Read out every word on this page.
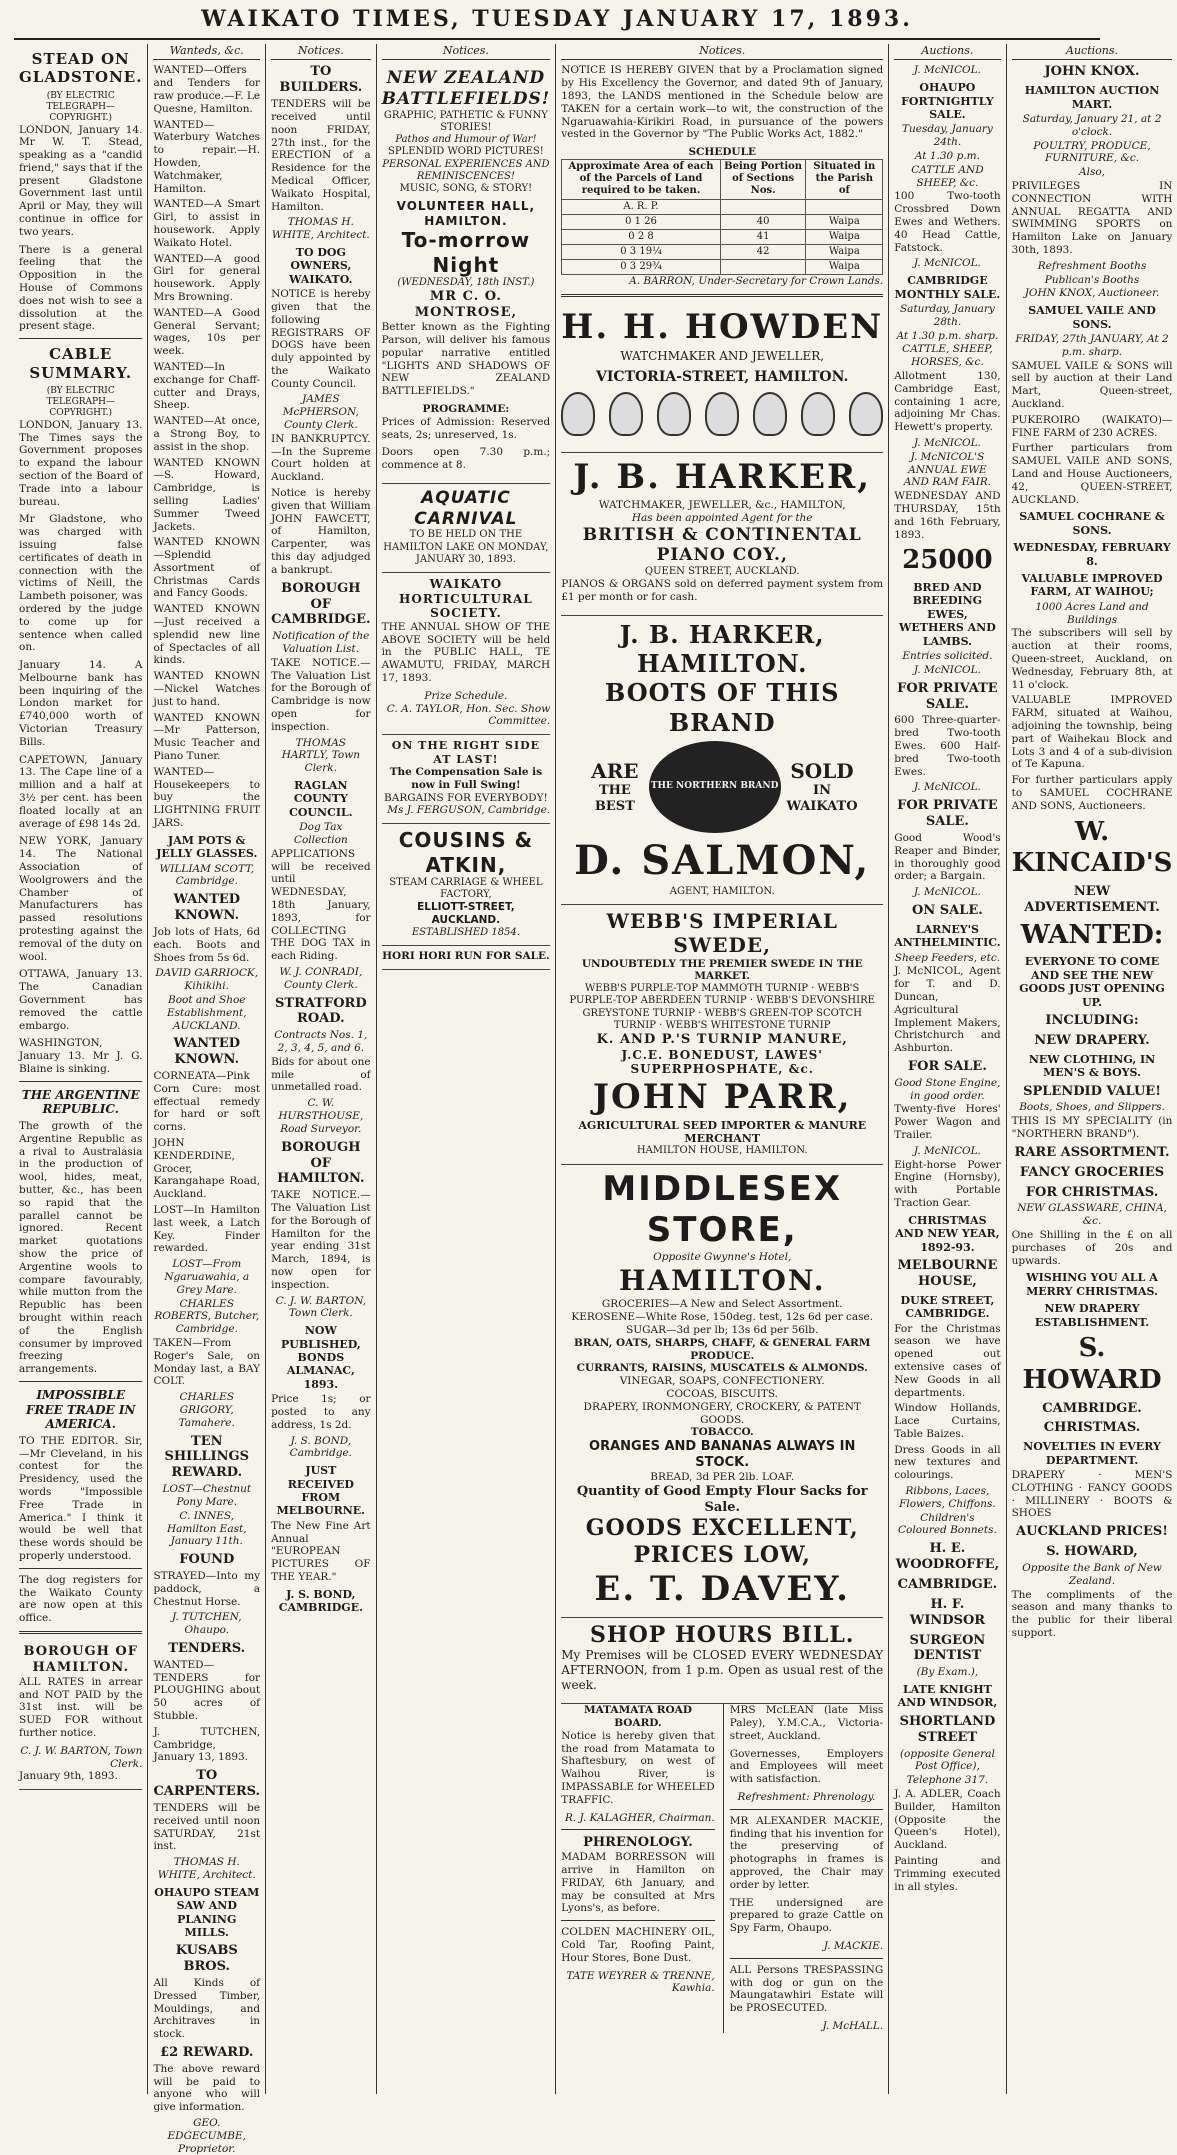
WAIKATO TIMES, TUESDAY JANUARY 17, 1893.
STEAD ON GLADSTONE.
(BY ELECTRIC TELEGRAPH—COPYRIGHT.)

LONDON, January 14. Mr W. T. Stead, speaking as a "candid friend," says that if the present Gladstone Government last until April or May, they will continue in office for two years.

There is a general feeling that the Opposition in the House of Commons does not wish to see a dissolution at the present stage.

CABLE SUMMARY.
(BY ELECTRIC TELEGRAPH—COPYRIGHT.)

LONDON, January 13. The Times says the Government proposes to expand the labour section of the Board of Trade into a labour bureau.

Mr Gladstone, who was charged with issuing false certificates of death in connection with the victims of Neill, the Lambeth poisoner, was ordered by the judge to come up for sentence when called on.

January 14. A Melbourne bank has been inquiring of the London market for £740,000 worth of Victorian Treasury Bills.

CAPETOWN, January 13. The Cape line of a million and a half at 3½ per cent. has been floated locally at an average of £98 14s 2d.

NEW YORK, January 14. The National Association of Woolgrowers and the Chamber of Manufacturers has passed resolutions protesting against the removal of the duty on wool.

OTTAWA, January 13. The Canadian Government has removed the cattle embargo.

WASHINGTON, January 13. Mr J. G. Blaine is sinking.

THE ARGENTINE REPUBLIC.

The growth of the Argentine Republic as a rival to Australasia in the production of wool, hides, meat, butter, &c., has been so rapid that the parallel cannot be ignored. Recent market quotations show the price of Argentine wools to compare favourably, while mutton from the Republic has been brought within reach of the English consumer by improved freezing arrangements.

IMPOSSIBLE FREE TRADE IN AMERICA.

TO THE EDITOR. Sir,—Mr Cleveland, in his contest for the Presidency, used the words "Impossible Free Trade in America." I think it would be well that these words should be properly understood.

The dog registers for the Waikato County are now open at this office.

BOROUGH OF HAMILTON.

ALL RATES in arrear and NOT PAID by the 31st inst. will be SUED FOR without further notice.

C. J. W. BARTON, Town Clerk.
January 9th, 1893.
Wanteds, &c.
WANTED—Offers and Tenders for raw produce.—F. Le Quesne, Hamilton.
WANTED—Waterbury Watches to repair.—H. Howden, Watchmaker, Hamilton.
WANTED—A Smart Girl, to assist in housework. Apply Waikato Hotel.
WANTED—A good Girl for general housework. Apply Mrs Browning.
WANTED—A Good General Servant; wages, 10s per week.
WANTED—In exchange for Chaff-cutter and Drays, Sheep.
WANTED—At once, a Strong Boy, to assist in the shop.
WANTED KNOWN—S. Howard, Cambridge, is selling Ladies' Summer Tweed Jackets.
WANTED KNOWN—Splendid Assortment of Christmas Cards and Fancy Goods.
WANTED KNOWN—Just received a splendid new line of Spectacles of all kinds.
WANTED KNOWN—Nickel Watches just to hand.
WANTED KNOWN—Mr Patterson, Music Teacher and Piano Tuner.
WANTED—Housekeepers to buy the LIGHTNING FRUIT JARS.
JAM POTS & JELLY GLASSES.
WILLIAM SCOTT, Cambridge.
WANTED KNOWN.
Job lots of Hats, 6d each. Boots and Shoes from 5s 6d.
DAVID GARRIOCK, Kihikihi.
Boot and Shoe Establishment, AUCKLAND.
WANTED KNOWN.
CORNEATA—Pink Corn Cure: most effectual remedy for hard or soft corns.
JOHN KENDERDINE, Grocer, Karangahape Road, Auckland.
LOST—In Hamilton last week, a Latch Key. Finder rewarded.
LOST—From Ngaruawahia, a Grey Mare.
CHARLES ROBERTS, Butcher, Cambridge.
TAKEN—From Roger's Sale, on Monday last, a BAY COLT.
CHARLES GRIGORY, Tamahere.
TEN SHILLINGS REWARD.
LOST—Chestnut Pony Mare.
C. INNES, Hamilton East, January 11th.
FOUND
STRAYED—Into my paddock, a Chestnut Horse.
J. TUTCHEN, Ohaupo.
TENDERS.
WANTED—TENDERS for PLOUGHING about 50 acres of Stubble.
J. TUTCHEN, Cambridge, January 13, 1893.
TO CARPENTERS.
TENDERS will be received until noon SATURDAY, 21st inst.
THOMAS H. WHITE, Architect.
OHAUPO STEAM SAW AND PLANING MILLS.
KUSABS BROS.
All Kinds of Dressed Timber, Mouldings, and Architraves in stock.
£2 REWARD.
The above reward will be paid to anyone who will give information.
GEO. EDGECUMBE, Proprietor.
Notices.
TO BUILDERS.
TENDERS will be received until noon FRIDAY, 27th inst., for the ERECTION of a Residence for the Medical Officer, Waikato Hospital, Hamilton.
THOMAS H. WHITE, Architect.
TO DOG OWNERS, WAIKATO.
NOTICE is hereby given that the following REGISTRARS OF DOGS have been duly appointed by the Waikato County Council.
JAMES McPHERSON, County Clerk.
IN BANKRUPTCY.—In the Supreme Court holden at Auckland.
Notice is hereby given that William JOHN FAWCETT, of Hamilton, Carpenter, was this day adjudged a bankrupt.
BOROUGH OF CAMBRIDGE.
Notification of the Valuation List.
TAKE NOTICE.—The Valuation List for the Borough of Cambridge is now open for inspection.
THOMAS HARTLY, Town Clerk.
RAGLAN COUNTY COUNCIL.
Dog Tax Collection
APPLICATIONS will be received until WEDNESDAY, 18th January, 1893, for COLLECTING THE DOG TAX in each Riding.
W. J. CONRADI, County Clerk.
STRATFORD ROAD.
Contracts Nos. 1, 2, 3, 4, 5, and 6.
Bids for about one mile of unmetalled road.
C. W. HURSTHOUSE, Road Surveyor.
BOROUGH OF HAMILTON.
TAKE NOTICE.—The Valuation List for the Borough of Hamilton for the year ending 31st March, 1894, is now open for inspection.
C. J. W. BARTON, Town Clerk.
NOW PUBLISHED, BONDS ALMANAC, 1893.
Price 1s; or posted to any address, 1s 2d.
J. S. BOND, Cambridge.
JUST RECEIVED FROM MELBOURNE.
The New Fine Art Annual "EUROPEAN PICTURES OF THE YEAR."
J. S. BOND, CAMBRIDGE.
Notices.
NEW ZEALAND BATTLEFIELDS!
GRAPHIC, PATHETIC & FUNNY STORIES!
Pathos and Humour of War!
SPLENDID WORD PICTURES!
PERSONAL EXPERIENCES AND REMINISCENCES!
MUSIC, SONG, & STORY!
VOLUNTEER HALL, HAMILTON.
To-morrow Night
(WEDNESDAY, 18th INST.)
MR C. O. MONTROSE,

Better known as the Fighting Parson, will deliver his famous popular narrative entitled "LIGHTS AND SHADOWS OF NEW ZEALAND BATTLEFIELDS."

PROGRAMME:

Prices of Admission: Reserved seats, 2s; unreserved, 1s.

Doors open 7.30 p.m.; commence at 8.

AQUATIC CARNIVAL
TO BE HELD ON THE HAMILTON LAKE ON MONDAY, JANUARY 30, 1893.
WAIKATO HORTICULTURAL SOCIETY.

THE ANNUAL SHOW OF THE ABOVE SOCIETY will be held in the PUBLIC HALL, TE AWAMUTU, FRIDAY, MARCH 17, 1893.

Prize Schedule.
C. A. TAYLOR, Hon. Sec. Show Committee.
ON THE RIGHT SIDE AT LAST!
The Compensation Sale is now in Full Swing!
BARGAINS FOR EVERYBODY!
Ms J. FERGUSON, Cambridge.
COUSINS & ATKIN,
STEAM CARRIAGE & WHEEL FACTORY,
ELLIOTT-STREET, AUCKLAND.
ESTABLISHED 1854.
HORI HORI RUN FOR SALE.
Notices.

NOTICE IS HEREBY GIVEN that by a Proclamation signed by His Excellency the Governor, and dated 9th of January, 1893, the LANDS mentioned in the Schedule below are TAKEN for a certain work—to wit, the construction of the Ngaruawahia-Kirikiri Road, in pursuance of the powers vested in the Governor by "The Public Works Act, 1882."

SCHEDULE
Approximate Area of each of the Parcels of Land required to be taken.	Being Portion of Sections Nos.	Situated in the Parish of
A. R. P.		
0 1 26	40	Waipa
0 2 8	41	Waipa
0 3 19¼	42	Waipa
0 3 29¾		Waipa
A. BARRON, Under-Secretary for Crown Lands.
H. H. HOWDEN
WATCHMAKER AND JEWELLER,
VICTORIA-STREET, HAMILTON.
J. B. HARKER,
WATCHMAKER, JEWELLER, &c., HAMILTON,
Has been appointed Agent for the
BRITISH & CONTINENTAL PIANO COY.,
QUEEN STREET, AUCKLAND.

PIANOS & ORGANS sold on deferred payment system from £1 per month or for cash.

J. B. HARKER, HAMILTON.
BOOTS OF THIS BRAND
ARE
THE BEST
THE NORTHERN BRAND
SOLD
IN WAIKATO
D. SALMON,
AGENT, HAMILTON.
WEBB'S IMPERIAL SWEDE,
UNDOUBTEDLY THE PREMIER SWEDE IN THE MARKET.
WEBB'S PURPLE-TOP MAMMOTH TURNIP · WEBB'S PURPLE-TOP ABERDEEN TURNIP · WEBB'S DEVONSHIRE GREYSTONE TURNIP · WEBB'S GREEN-TOP SCOTCH TURNIP · WEBB'S WHITESTONE TURNIP
K. AND P.'S TURNIP MANURE,
J.C.E. BONEDUST, LAWES' SUPERPHOSPHATE, &c.
JOHN PARR,
AGRICULTURAL SEED IMPORTER & MANURE MERCHANT
HAMILTON HOUSE, HAMILTON.
MIDDLESEX STORE,
Opposite Gwynne's Hotel,
HAMILTON.
GROCERIES—A New and Select Assortment.
KEROSENE—White Rose, 150deg. test, 12s 6d per case.
SUGAR—3d per lb; 13s 6d per 56lb.
BRAN, OATS, SHARPS, CHAFF, & GENERAL FARM PRODUCE.
CURRANTS, RAISINS, MUSCATELS & ALMONDS.
VINEGAR, SOAPS, CONFECTIONERY.
COCOAS, BISCUITS.
DRAPERY, IRONMONGERY, CROCKERY, & PATENT GOODS.
TOBACCO.
ORANGES AND BANANAS ALWAYS IN STOCK.
BREAD, 3d PER 2lb. LOAF.
Quantity of Good Empty Flour Sacks for Sale.
GOODS EXCELLENT, PRICES LOW,
E. T. DAVEY.
SHOP HOURS BILL.

My Premises will be CLOSED EVERY WEDNESDAY AFTERNOON, from 1 p.m. Open as usual rest of the week.

MATAMATA ROAD BOARD.

Notice is hereby given that the road from Matamata to Shaftesbury, on west of Waihou River, is IMPASSABLE for WHEELED TRAFFIC.

R. J. KALAGHER, Chairman.
PHRENOLOGY.

MADAM BORRESSON will arrive in Hamilton on FRIDAY, 6th January, and may be consulted at Mrs Lyons's, as before.

COLDEN MACHINERY OIL, Cold Tar, Roofing Paint, Hour Stores, Bone Dust.

TATE WEYRER & TRENNE, Kawhia.

MRS McLEAN (late Miss Paley), Y.M.C.A., Victoria-street, Auckland.

Governesses, Employers and Employees will meet with satisfaction.

Refreshment: Phrenology.

MR ALEXANDER MACKIE, finding that his invention for the preserving of photographs in frames is approved, the Chair may order by letter.

THE undersigned are prepared to graze Cattle on Spy Farm, Ohaupo.

J. MACKIE.

ALL Persons TRESPASSING with dog or gun on the Maungatawhiri Estate will be PROSECUTED.

J. McHALL.
Auctions.
J. McNICOL.
OHAUPO FORTNIGHTLY SALE.
Tuesday, January 24th.
At 1.30 p.m.
CATTLE AND SHEEP, &c.
100 Two-tooth Crossbred Down Ewes and Wethers. 40 Head Cattle, Fatstock.
J. McNICOL.
CAMBRIDGE MONTHLY SALE.
Saturday, January 28th.
At 1.30 p.m. sharp.
CATTLE, SHEEP, HORSES, &c.
Allotment 130, Cambridge East, containing 1 acre, adjoining Mr Chas. Hewett's property.
J. McNICOL.
J. McNICOL'S ANNUAL EWE AND RAM FAIR.
WEDNESDAY AND THURSDAY, 15th and 16th February, 1893.
25000
BRED AND BREEDING EWES, WETHERS AND LAMBS.
Entries solicited.
J. McNICOL.
FOR PRIVATE SALE.
600 Three-quarter-bred Two-tooth Ewes. 600 Half-bred Two-tooth Ewes.
J. McNICOL.
FOR PRIVATE SALE.
Good Wood's Reaper and Binder, in thoroughly good order; a Bargain.
J. McNICOL.
ON SALE.
LARNEY'S ANTHELMINTIC.
Sheep Feeders, etc.
J. McNICOL, Agent for T. and D. Duncan, Agricultural Implement Makers, Christchurch and Ashburton.
FOR SALE.
Good Stone Engine, in good order.
Twenty-five Hores' Power Wagon and Trailer.
J. McNICOL.
Eight-horse Power Engine (Hornsby), with Portable Traction Gear.
CHRISTMAS AND NEW YEAR, 1892-93.
MELBOURNE HOUSE,
DUKE STREET, CAMBRIDGE.
For the Christmas season we have opened out extensive cases of New Goods in all departments.
Window Hollands, Lace Curtains, Table Baizes.
Dress Goods in all new textures and colourings.
Ribbons, Laces, Flowers, Chiffons.
Children's Coloured Bonnets.
H. E. WOODROFFE,
CAMBRIDGE.
H. F. WINDSOR
SURGEON DENTIST
(By Exam.),
LATE KNIGHT AND WINDSOR,
SHORTLAND STREET
(opposite General Post Office),
Telephone 317.
J. A. ADLER, Coach Builder, Hamilton (Opposite the Queen's Hotel), Auckland.
Painting and Trimming executed in all styles.
Auctions.
JOHN KNOX.
HAMILTON AUCTION MART.
Saturday, January 21, at 2 o'clock.
POULTRY, PRODUCE, FURNITURE, &c.
Also,
PRIVILEGES IN CONNECTION WITH ANNUAL REGATTA AND SWIMMING SPORTS on Hamilton Lake on January 30th, 1893.
Refreshment Booths
Publican's Booths
JOHN KNOX, Auctioneer.
SAMUEL VAILE AND SONS.
FRIDAY, 27th JANUARY, At 2 p.m. sharp.
SAMUEL VAILE & SONS will sell by auction at their Land Mart, Queen-street, Auckland.
PUKEROIRO (WAIKATO)—FINE FARM of 230 ACRES.
Further particulars from SAMUEL VAILE AND SONS, Land and House Auctioneers, 42, QUEEN-STREET, AUCKLAND.
SAMUEL COCHRANE & SONS.
WEDNESDAY, FEBRUARY 8.
VALUABLE IMPROVED FARM, AT WAIHOU;
1000 Acres Land and Buildings
The subscribers will sell by auction at their rooms, Queen-street, Auckland, on Wednesday, February 8th, at 11 o'clock.
VALUABLE IMPROVED FARM, situated at Waihou, adjoining the township, being part of Waihekau Block and Lots 3 and 4 of a sub-division of Te Kapuna.
For further particulars apply to SAMUEL COCHRANE AND SONS, Auctioneers.
W. KINCAID'S
NEW ADVERTISEMENT.
WANTED:
EVERYONE TO COME AND SEE THE NEW GOODS JUST OPENING UP.
INCLUDING:
NEW DRAPERY.
NEW CLOTHING, IN MEN'S & BOYS.
SPLENDID VALUE!
Boots, Shoes, and Slippers.
THIS IS MY SPECIALITY (in "NORTHERN BRAND").
RARE ASSORTMENT.
FANCY GROCERIES
FOR CHRISTMAS.
NEW GLASSWARE, CHINA, &c.
One Shilling in the £ on all purchases of 20s and upwards.
WISHING YOU ALL A MERRY CHRISTMAS.
NEW DRAPERY ESTABLISHMENT.
S. HOWARD
CAMBRIDGE.
CHRISTMAS.
NOVELTIES IN EVERY DEPARTMENT.
DRAPERY · MEN'S CLOTHING · FANCY GOODS · MILLINERY · BOOTS & SHOES
AUCKLAND PRICES!
S. HOWARD,
Opposite the Bank of New Zealand.
The compliments of the season and many thanks to the public for their liberal support.
